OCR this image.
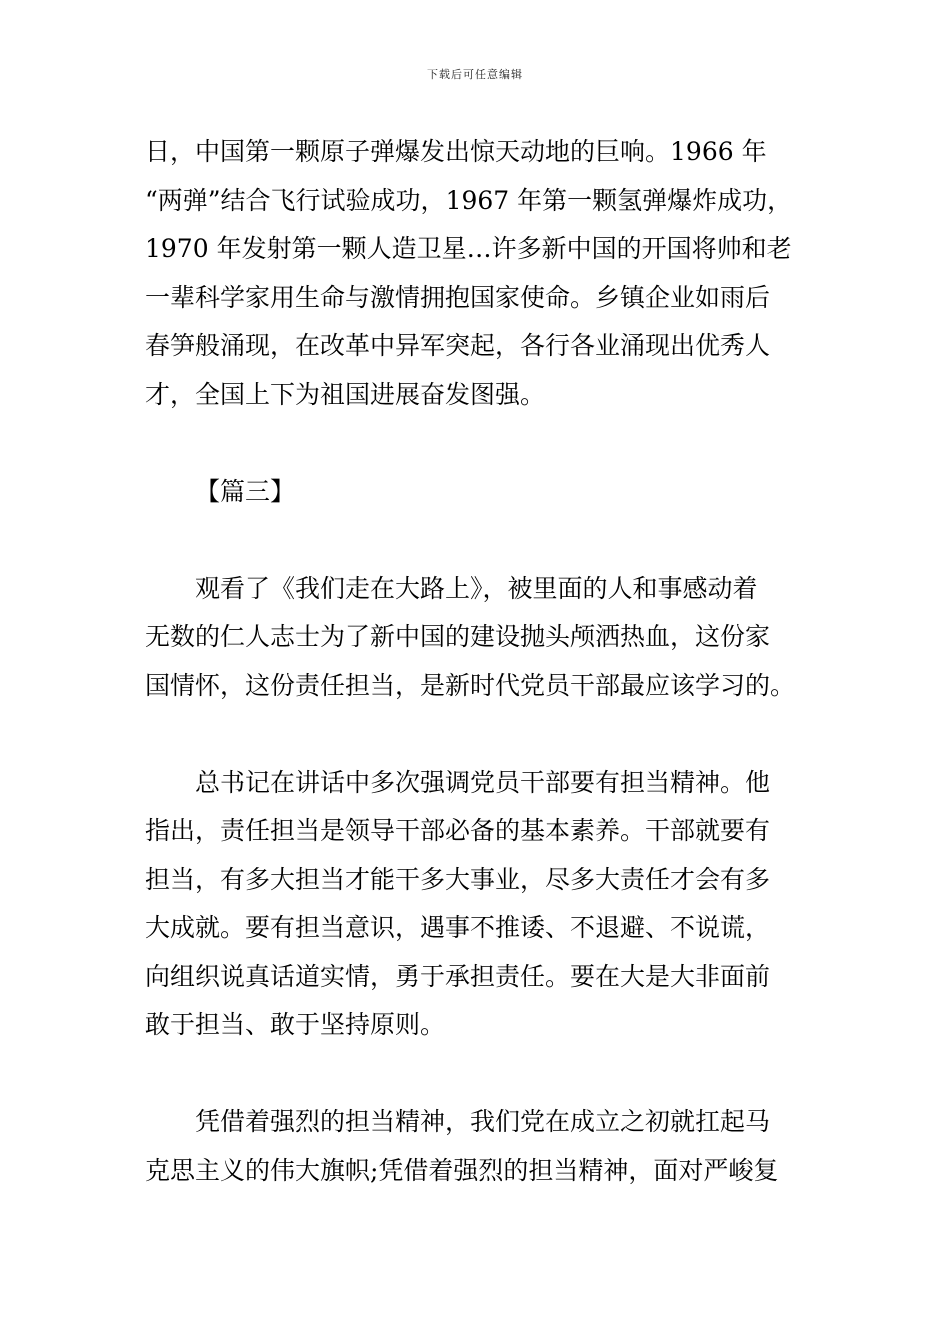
下载后可任意编辑
日，中国第一颗原子弹爆发出惊天动地的巨响。1966 年
“两弹”结合飞行试验成功，1967 年第一颗氢弹爆炸成功，
1970 年发射第一颗人造卫星…许多新中国的开国将帅和老
一辈科学家用生命与激情拥抱国家使命。乡镇企业如雨后
春笋般涌现，在改革中异军突起，各行各业涌现出优秀人
才，全国上下为祖国进展奋发图强。
【篇三】
　　观看了《我们走在大路上》，被里面的人和事感动着
无数的仁人志士为了新中国的建设抛头颅洒热血，这份家
国情怀，这份责任担当，是新时代党员干部最应该学习的。
　　总书记在讲话中多次强调党员干部要有担当精神。他
指出，责任担当是领导干部必备的基本素养。干部就要有
担当，有多大担当才能干多大事业，尽多大责任才会有多
大成就。要有担当意识，遇事不推诿、不退避、不说谎，
向组织说真话道实情，勇于承担责任。要在大是大非面前
敢于担当、敢于坚持原则。
　　凭借着强烈的担当精神，我们党在成立之初就扛起马
克思主义的伟大旗帜;凭借着强烈的担当精神，面对严峻复
